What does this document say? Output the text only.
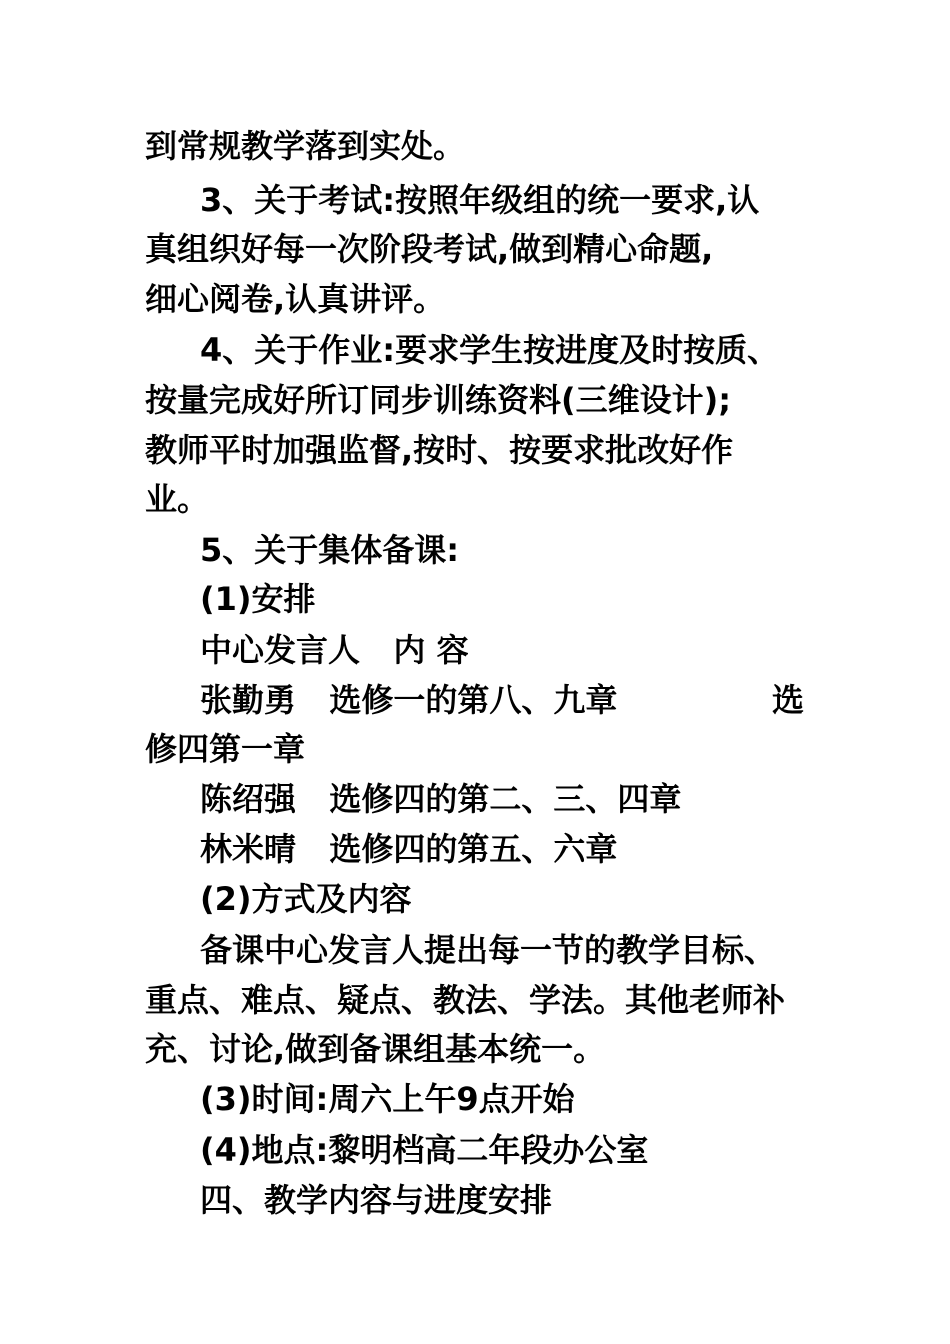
到常规教学落到实处。
3、关于考试:按照年级组的统一要求,认
真组织好每一次阶段考试,做到精心命题,
细心阅卷,认真讲评。
4、关于作业:要求学生按进度及时按质、
按量完成好所订同步训练资料(三维设计);
教师平时加强监督,按时、按要求批改好作
业。
5、关于集体备课:
(1)安排
中心发言人   内 容

张勤勇   选修一的第八、九章

	选

修四第一章
陈绍强   选修四的第二、三、四章
林米晴   选修四的第五、六章
(2)方式及内容
备课中心发言人提出每一节的教学目标、
重点、难点、疑点、教法、学法。其他老师补
充、讨论,做到备课组基本统一。
(3)时间:周六上午9点开始
(4)地点:黎明档高二年段办公室
四、教学内容与进度安排
